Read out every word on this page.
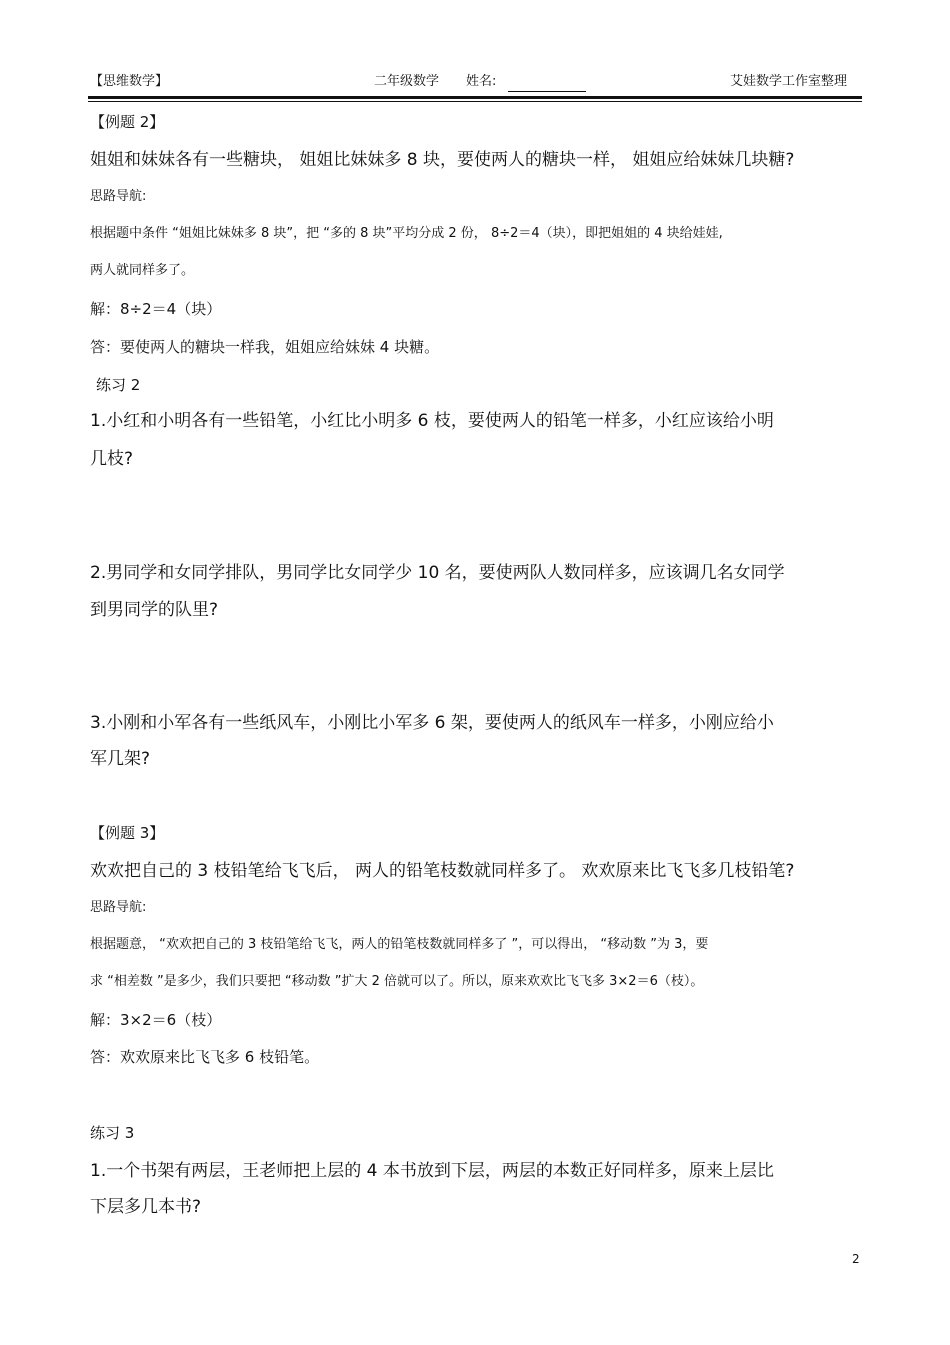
【思维数学】	二年级数学 姓名:	艾娃数学工作室整理
【例题 2】
姐姐和妹妹各有一些糖块， 姐姐比妹妹多 8 块，要使两人的糖块一样， 姐姐应给妹妹几块糖?
思路导航:
根据题中条件 “姐姐比妹妹多 8 块”，把 “多的 8 块”平均分成 2 份， 8÷2＝4（块），即把姐姐的 4 块给娃娃,
两人就同样多了。
解：8÷2＝4（块）
答：要使两人的糖块一样我，姐姐应给妹妹 4 块糖。
练习 2
1.小红和小明各有一些铅笔，小红比小明多 6 枝，要使两人的铅笔一样多，小红应该给小明
几枝?
2.男同学和女同学排队，男同学比女同学少 10 名，要使两队人数同样多，应该调几名女同学
到男同学的队里?
3.小刚和小军各有一些纸风车，小刚比小军多 6 架，要使两人的纸风车一样多，小刚应给小
军几架?
【例题 3】
欢欢把自己的 3 枝铅笔给飞飞后， 两人的铅笔枝数就同样多了。 欢欢原来比飞飞多几枝铅笔?
思路导航:
根据题意， “欢欢把自己的 3 枝铅笔给飞飞，两人的铅笔枝数就同样多了 ”，可以得出， “移动数 ”为 3，要
求 “相差数 ”是多少，我们只要把 “移动数 ”扩大 2 倍就可以了。所以，原来欢欢比飞飞多 3×2＝6（枝）。
解：3×2＝6（枝）
答：欢欢原来比飞飞多 6 枝铅笔。
练习 3
1.一个书架有两层，王老师把上层的 4 本书放到下层，两层的本数正好同样多，原来上层比
下层多几本书?
2
